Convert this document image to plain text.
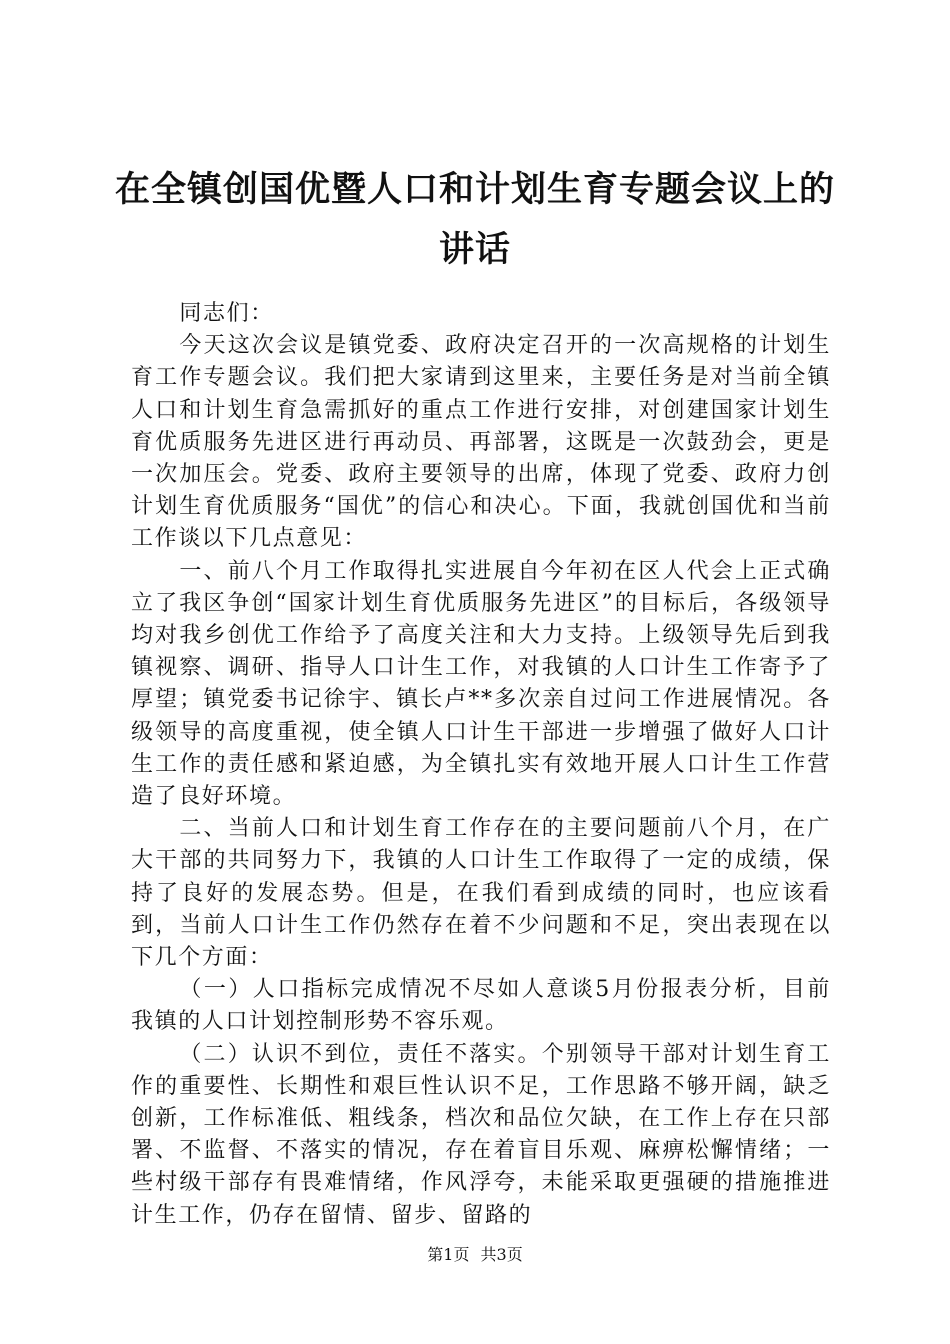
在全镇创国优暨人口和计划生育专题会议上的讲话

同志们：

今天这次会议是镇党委、政府决定召开的一次高规格的计划生育工作专题会议。我们把大家请到这里来，主要任务是对当前全镇人口和计划生育急需抓好的重点工作进行安排，对创建国家计划生育优质服务先进区进行再动员、再部署，这既是一次鼓劲会，更是一次加压会。党委、政府主要领导的出席，体现了党委、政府力创计划生育优质服务“国优”的信心和决心。下面，我就创国优和当前工作谈以下几点意见：

一、前八个月工作取得扎实进展自今年初在区人代会上正式确立了我区争创“国家计划生育优质服务先进区”的目标后，各级领导均对我乡创优工作给予了高度关注和大力支持。上级领导先后到我镇视察、调研、指导人口计生工作，对我镇的人口计生工作寄予了厚望；镇党委书记徐宇、镇长卢**多次亲自过问工作进展情况。各级领导的高度重视，使全镇人口计生干部进一步增强了做好人口计生工作的责任感和紧迫感，为全镇扎实有效地开展人口计生工作营造了良好环境。

二、当前人口和计划生育工作存在的主要问题前八个月，在广大干部的共同努力下，我镇的人口计生工作取得了一定的成绩，保持了良好的发展态势。但是，在我们看到成绩的同时，也应该看到，当前人口计生工作仍然存在着不少问题和不足，突出表现在以下几个方面：

（一）人口指标完成情况不尽如人意谈5月份报表分析，目前我镇的人口计划控制形势不容乐观。

（二）认识不到位，责任不落实。个别领导干部对计划生育工作的重要性、长期性和艰巨性认识不足，工作思路不够开阔，缺乏创新，工作标准低、粗线条，档次和品位欠缺，在工作上存在只部署、不监督、不落实的情况，存在着盲目乐观、麻痹松懈情绪；一些村级干部存有畏难情绪，作风浮夸，未能采取更强硬的措施推进计生工作，仍存在留情、留步、留路的

第1页 共3页
